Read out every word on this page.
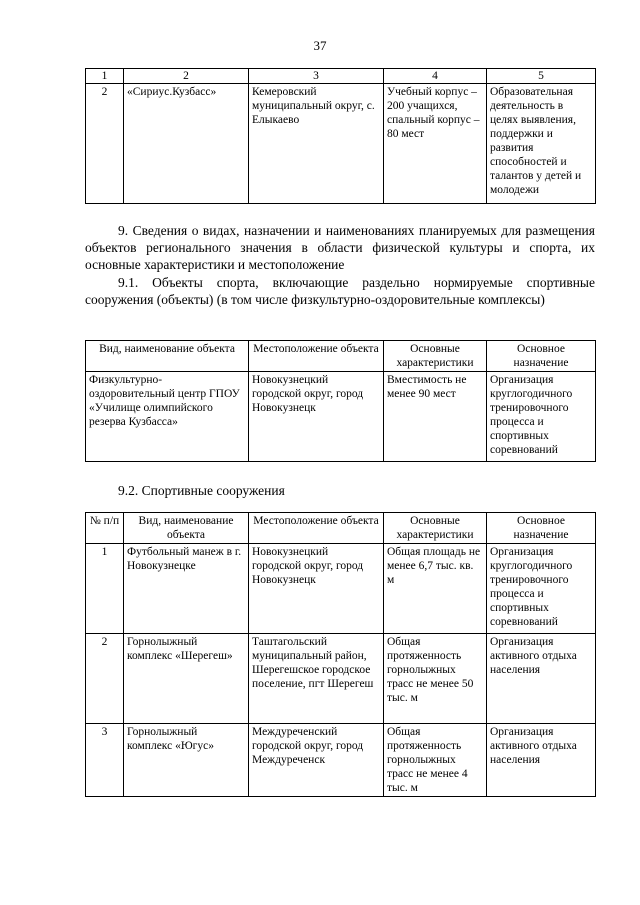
37
1	2	3	4	5
2	«Сириус.Кузбасс»	Кемеровский муниципальный округ, с. Елыкаево	Учебный корпус – 200 учащихся, спальный корпус – 80 мест	Образовательная деятельность в целях выявления, поддержки и развития способностей и талантов у детей и молодежи
9. Сведения о видах, назначении и наименованиях планируемых для размещения объектов регионального значения в области физической культуры и спорта, их основные характеристики и местоположение
9.1. Объекты спорта, включающие раздельно нормируемые спортивные сооружения (объекты) (в том числе физкультурно-оздоровительные комплексы)
Вид, наименование объекта	Местоположение объекта	Основные характеристики	Основное назначение
Физкультурно-оздоровительный центр ГПОУ «Училище олимпийского резерва Кузбасса»	Новокузнецкий городской округ, город Новокузнецк	Вместимость не менее 90 мест	Организация круглогодичного тренировочного процесса и спортивных соревнований
9.2. Спортивные сооружения
№ п/п	Вид, наименование объекта	Местоположение объекта	Основные характеристики	Основное назначение
1	Футбольный манеж в г. Новокузнецке	Новокузнецкий городской округ, город Новокузнецк	Общая площадь не менее 6,7 тыс. кв. м	Организация круглогодичного тренировочного процесса и спортивных соревнований
2	Горнолыжный комплекс «Шерегеш»	Таштагольский муниципальный район, Шерегешское городское поселение, пгт Шерегеш	Общая протяженность горнолыжных трасс не менее 50 тыс. м	Организация активного отдыха населения
3	Горнолыжный комплекс «Югус»	Междуреченский городской округ, город Междуреченск	Общая протяженность горнолыжных трасс не менее 4 тыс. м	Организация активного отдыха населения
